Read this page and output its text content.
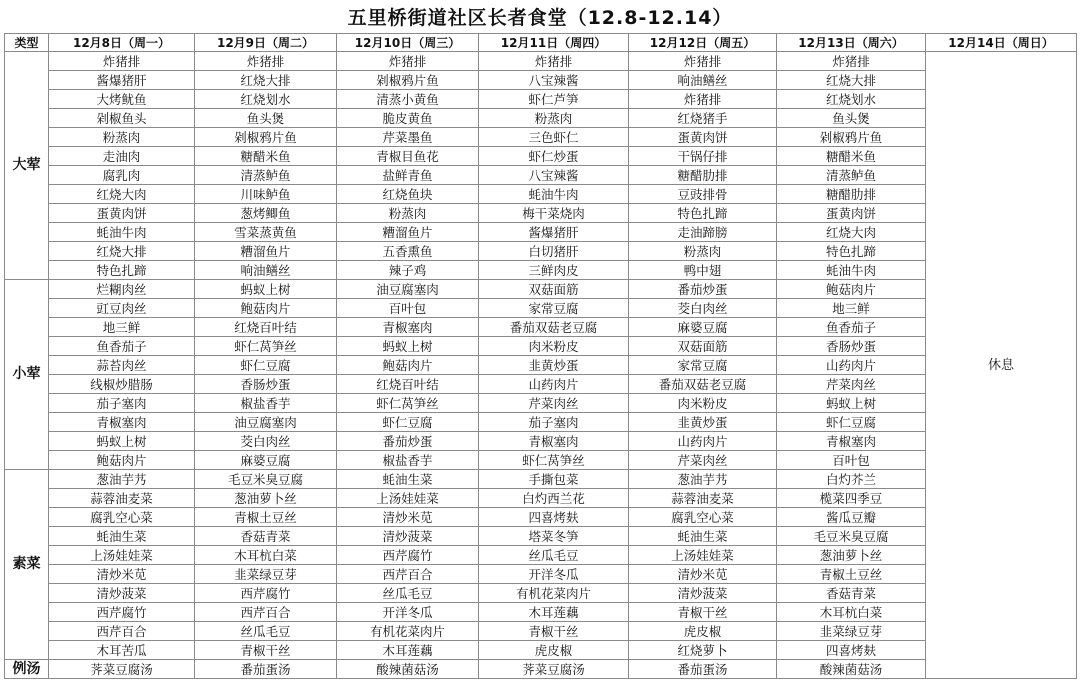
五里桥街道社区长者食堂（12.8-12.14）
类型	12月8日（周一）	12月9日（周二）	12月10日（周三）	12月11日（周四）	12月12日（周五）	12月13日（周六）	12月14日（周日）
大荤	炸猪排	炸猪排	炸猪排	炸猪排	炸猪排	炸猪排	休息
	酱爆猪肝	红烧大排	剁椒鸦片鱼	八宝辣酱	响油鳝丝	红烧大排	
	大烤鱿鱼	红烧划水	清蒸小黄鱼	虾仁芦笋	炸猪排	红烧划水	
	剁椒鱼头	鱼头煲	脆皮黄鱼	粉蒸肉	红烧猪手	鱼头煲	
	粉蒸肉	剁椒鸦片鱼	芹菜墨鱼	三色虾仁	蛋黄肉饼	剁椒鸦片鱼	
	走油肉	糖醋米鱼	青椒目鱼花	虾仁炒蛋	干锅仔排	糖醋米鱼	
	腐乳肉	清蒸鲈鱼	盐鲜青鱼	八宝辣酱	糖醋肋排	清蒸鲈鱼	
	红烧大肉	川味鲈鱼	红烧鱼块	蚝油牛肉	豆豉排骨	糖醋肋排	
	蛋黄肉饼	葱烤鲫鱼	粉蒸肉	梅干菜烧肉	特色扎蹄	蛋黄肉饼	
	蚝油牛肉	雪菜蒸黄鱼	糟溜鱼片	酱爆猪肝	走油蹄膀	红烧大肉	
	红烧大排	糟溜鱼片	五香熏鱼	白切猪肝	粉蒸肉	特色扎蹄	
	特色扎蹄	响油鳝丝	辣子鸡	三鲜肉皮	鸭中翅	蚝油牛肉	
小荤	烂糊肉丝	蚂蚁上树	油豆腐塞肉	双菇面筋	番茄炒蛋	鲍菇肉片	
	豇豆肉丝	鲍菇肉片	百叶包	家常豆腐	茭白肉丝	地三鲜	
	地三鲜	红烧百叶结	青椒塞肉	番茄双菇老豆腐	麻婆豆腐	鱼香茄子	
	鱼香茄子	虾仁莴笋丝	蚂蚁上树	肉米粉皮	双菇面筋	香肠炒蛋	
	蒜苔肉丝	虾仁豆腐	鲍菇肉片	韭黄炒蛋	家常豆腐	山药肉片	
	线椒炒腊肠	香肠炒蛋	红烧百叶结	山药肉片	番茄双菇老豆腐	芹菜肉丝	
	茄子塞肉	椒盐香芋	虾仁莴笋丝	芹菜肉丝	肉米粉皮	蚂蚁上树	
	青椒塞肉	油豆腐塞肉	虾仁豆腐	茄子塞肉	韭黄炒蛋	虾仁豆腐	
	蚂蚁上树	茭白肉丝	番茄炒蛋	青椒塞肉	山药肉片	青椒塞肉	
	鲍菇肉片	麻婆豆腐	椒盐香芋	虾仁莴笋丝	芹菜肉丝	百叶包	
素菜	葱油芋艿	毛豆米臭豆腐	蚝油生菜	手撕包菜	葱油芋艿	白灼芥兰	
	蒜蓉油麦菜	葱油萝卜丝	上汤娃娃菜	白灼西兰花	蒜蓉油麦菜	榄菜四季豆	
	腐乳空心菜	青椒土豆丝	清炒米苋	四喜烤麸	腐乳空心菜	酱瓜豆瓣	
	蚝油生菜	香菇青菜	清炒菠菜	塔菜冬笋	蚝油生菜	毛豆米臭豆腐	
	上汤娃娃菜	木耳杭白菜	西芹腐竹	丝瓜毛豆	上汤娃娃菜	葱油萝卜丝	
	清炒米苋	韭菜绿豆芽	西芹百合	开洋冬瓜	清炒米苋	青椒土豆丝	
	清炒菠菜	西芹腐竹	丝瓜毛豆	有机花菜肉片	清炒菠菜	香菇青菜	
	西芹腐竹	西芹百合	开洋冬瓜	木耳莲藕	青椒干丝	木耳杭白菜	
	西芹百合	丝瓜毛豆	有机花菜肉片	青椒干丝	虎皮椒	韭菜绿豆芽	
	木耳苦瓜	青椒干丝	木耳莲藕	虎皮椒	红烧萝卜	四喜烤麸	
例汤	荠菜豆腐汤	番茄蛋汤	酸辣菌菇汤	荠菜豆腐汤	番茄蛋汤	酸辣菌菇汤	
